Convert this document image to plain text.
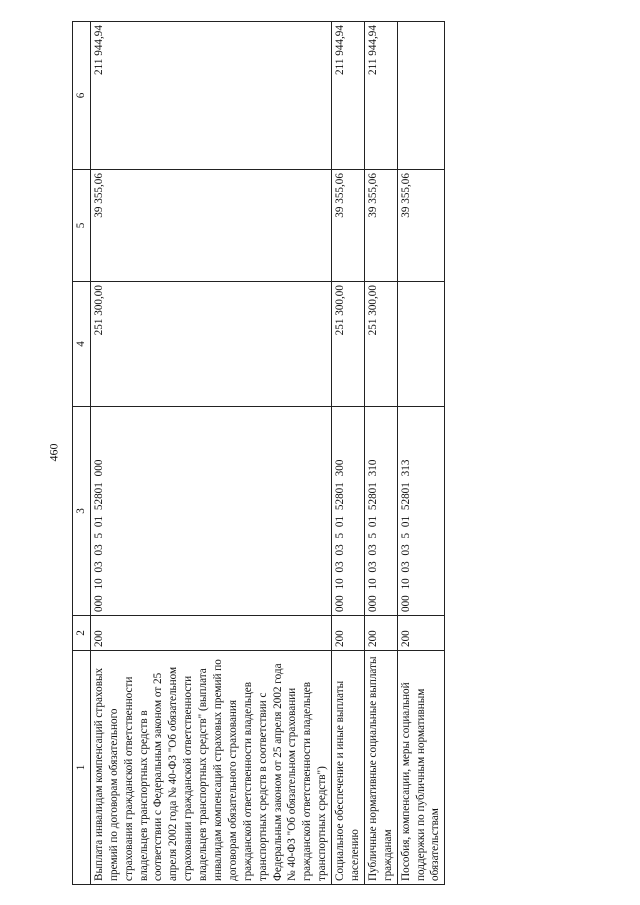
460
1	2	3	4	5	6
Выплата инвалидам компенсаций страховых премий по договорам обязательного страхования гражданской ответственности владельцев транспортных средств в соответствии с Федеральным законом от 25 апреля 2002 года № 40-ФЗ "Об обязательном страховании гражданской ответственности владельцев транспортных средств" (выплата инвалидам компенсаций страховых премий по договорам обязательного страхования гражданской ответственности владельцев транспортных средств в соответствии с Федеральным законом от 25 апреля 2002 года № 40-ФЗ "Об обязательном страховании гражданской ответственности владельцев транспортных средств")	200	000 10 03 03 5 01 52801 000	251 300,00	39 355,06	211 944,94
Социальное обеспечение и иные выплаты населению	200	000 10 03 03 5 01 52801 300	251 300,00	39 355,06	211 944,94
Публичные нормативные социальные выплаты гражданам	200	000 10 03 03 5 01 52801 310	251 300,00	39 355,06	211 944,94
Пособия, компенсации, меры социальной поддержки по публичным нормативным обязательствам	200	000 10 03 03 5 01 52801 313		39 355,06	
